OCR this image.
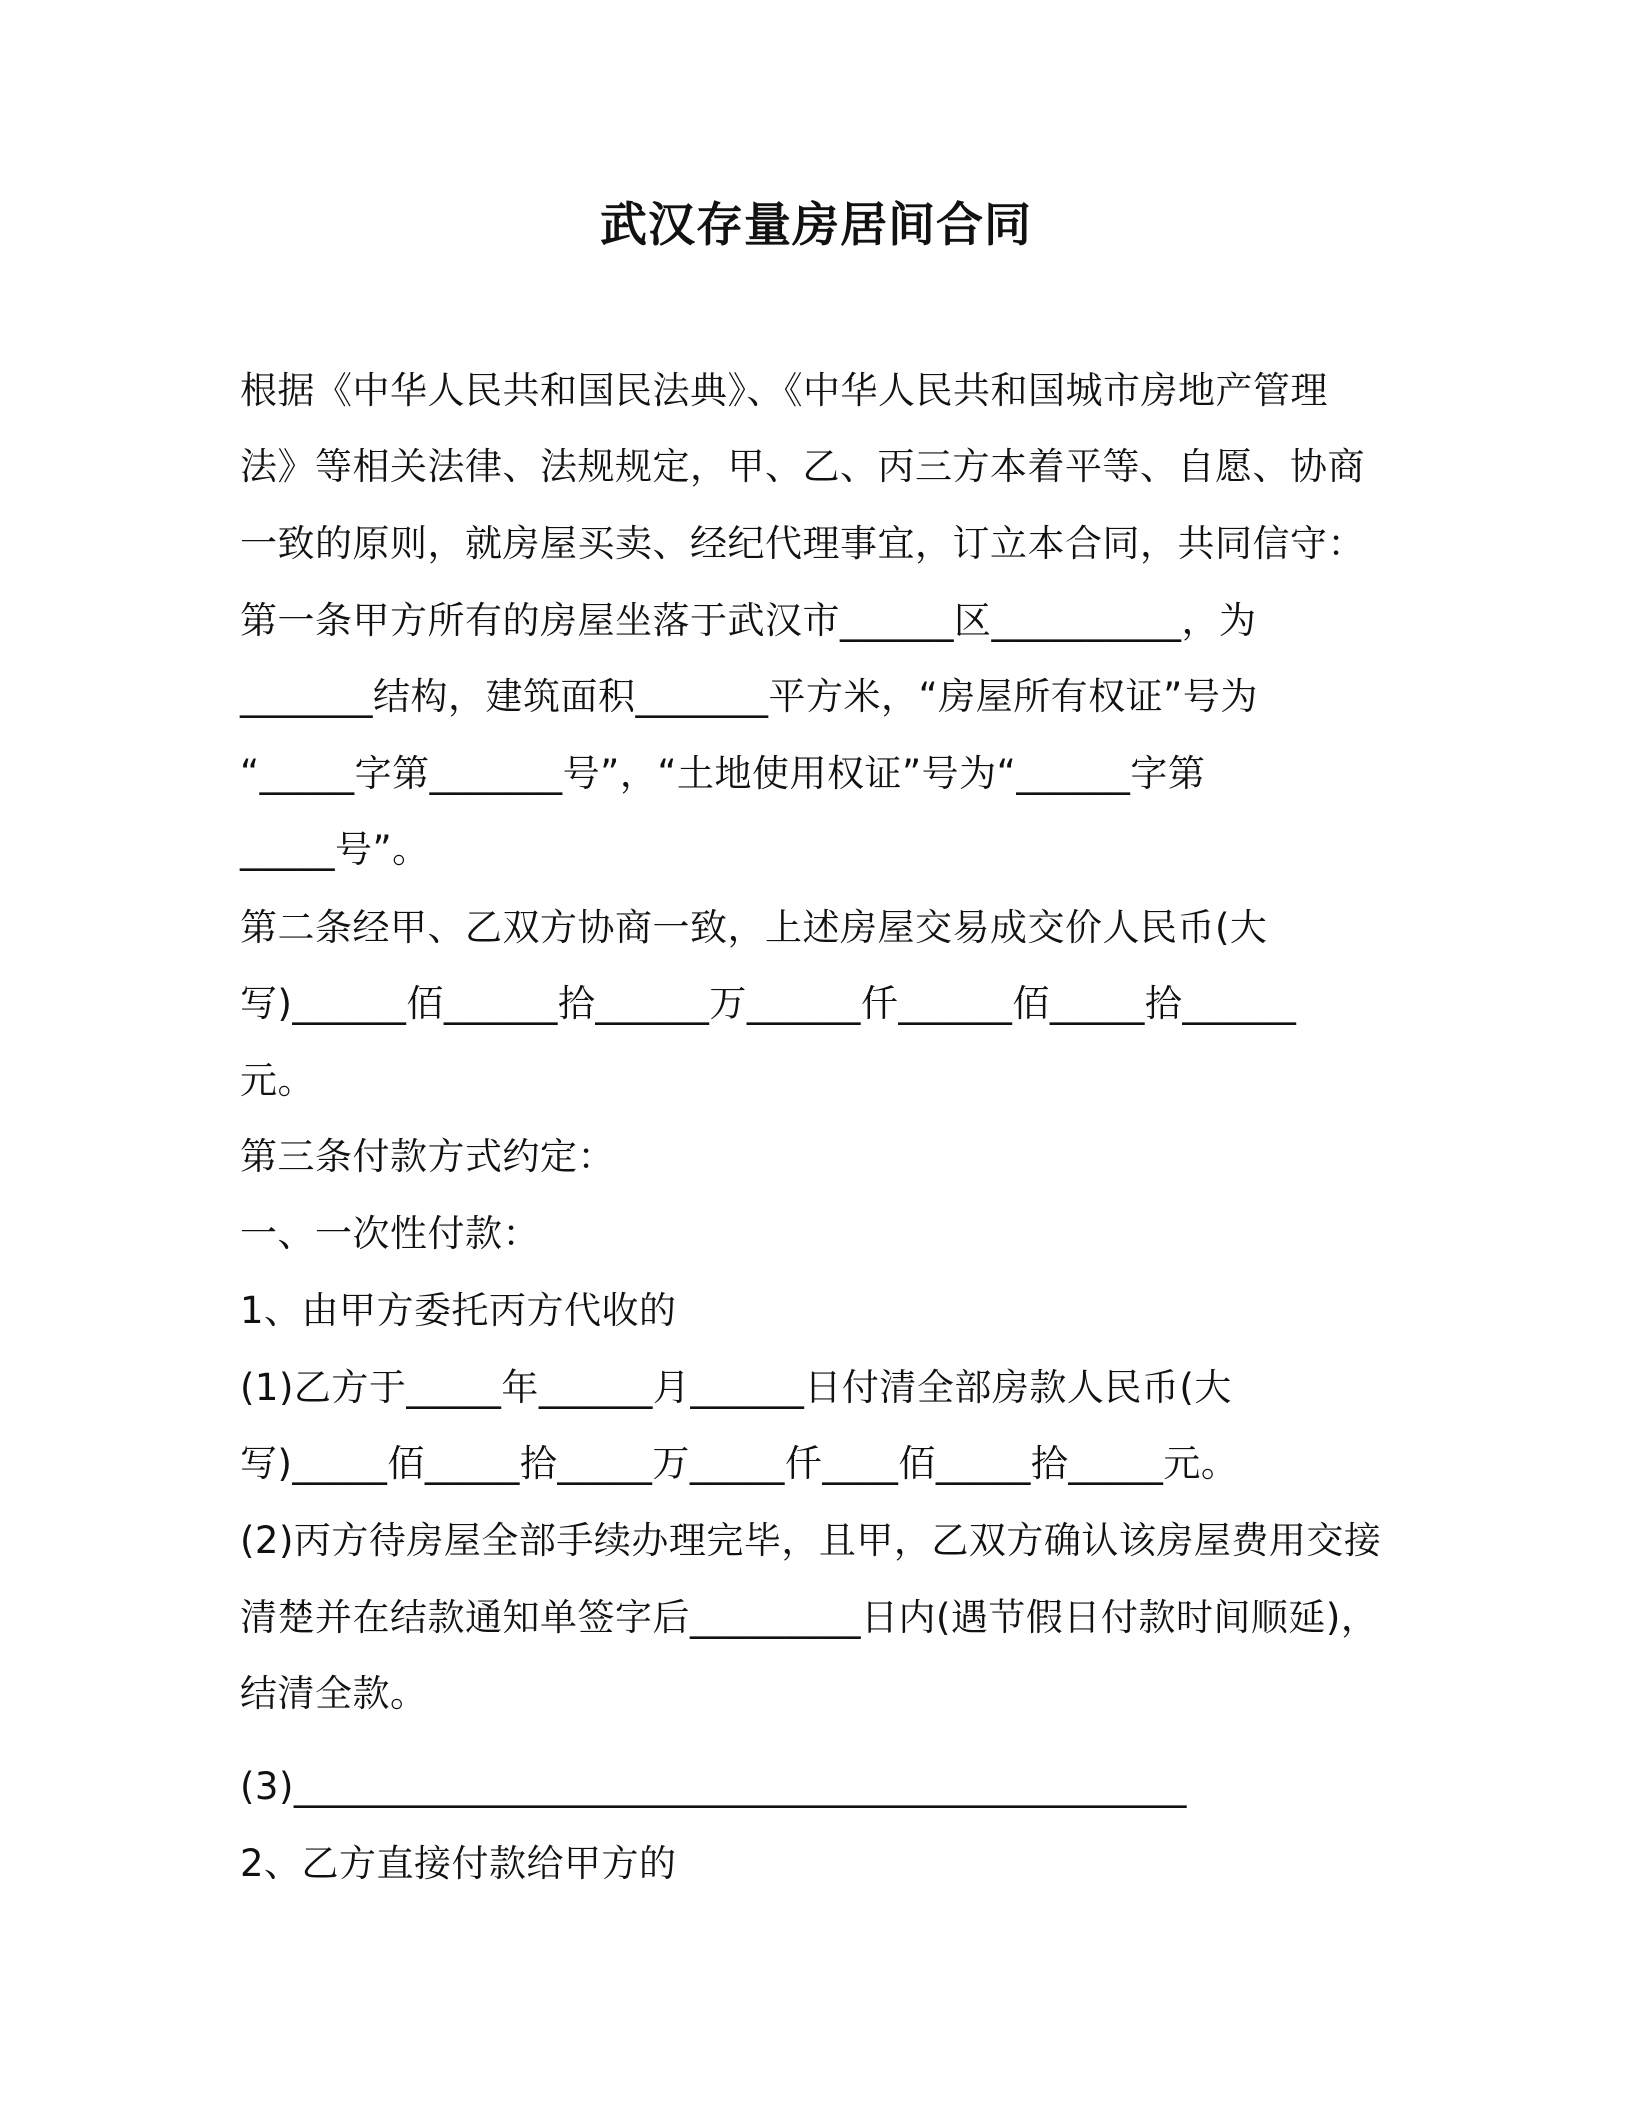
武汉存量房居间合同
根据《中华人民共和国民法典》、《中华人民共和国城市房地产管理
法》等相关法律、法规规定，甲、乙、丙三方本着平等、自愿、协商
一致的原则，就房屋买卖、经纪代理事宜，订立本合同，共同信守：
第一条甲方所有的房屋坐落于武汉市______区__________，为
_______结构，建筑面积_______平方米，“房屋所有权证”号为
“_____字第_______号”，“土地使用权证”号为“______字第
_____号”。
第二条经甲、乙双方协商一致，上述房屋交易成交价人民币(大
写)______佰______拾______万______仟______佰_____拾______
元。
第三条付款方式约定：
一、一次性付款：
1、由甲方委托丙方代收的
(1)乙方于_____年______月______日付清全部房款人民币(大
写)_____佰_____拾_____万_____仟____佰_____拾_____元。
(2)丙方待房屋全部手续办理完毕，且甲，乙双方确认该房屋费用交接
清楚并在结款通知单签字后_________日内(遇节假日付款时间顺延)，
结清全款。
(3)_______________________________________________
2、乙方直接付款给甲方的
